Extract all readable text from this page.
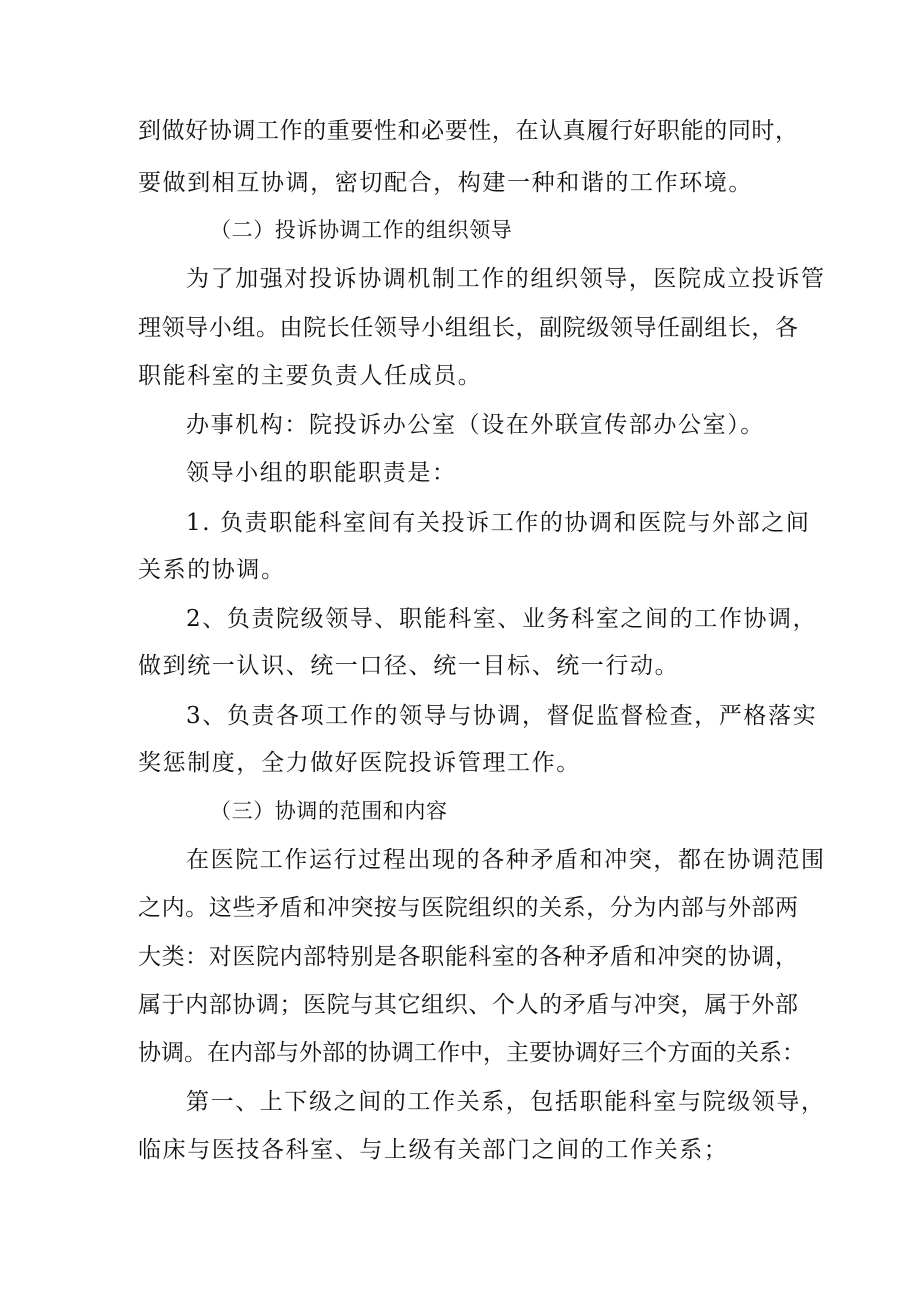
到做好协调工作的重要性和必要性，在认真履行好职能的同时，
要做到相互协调，密切配合，构建一种和谐的工作环境。
（二）投诉协调工作的组织领导
为了加强对投诉协调机制工作的组织领导，医院成立投诉管
理领导小组。由院长任领导小组组长，副院级领导任副组长，各
职能科室的主要负责人任成员。
办事机构：院投诉办公室（设在外联宣传部办公室）。
领导小组的职能职责是：
1. 负责职能科室间有关投诉工作的协调和医院与外部之间
关系的协调。
2、负责院级领导、职能科室、业务科室之间的工作协调，
做到统一认识、统一口径、统一目标、统一行动。
3、负责各项工作的领导与协调，督促监督检查，严格落实
奖惩制度，全力做好医院投诉管理工作。
（三）协调的范围和内容
在医院工作运行过程出现的各种矛盾和冲突，都在协调范围
之内。这些矛盾和冲突按与医院组织的关系，分为内部与外部两
大类：对医院内部特别是各职能科室的各种矛盾和冲突的协调，
属于内部协调；医院与其它组织、个人的矛盾与冲突，属于外部
协调。在内部与外部的协调工作中，主要协调好三个方面的关系：
第一、上下级之间的工作关系，包括职能科室与院级领导，
临床与医技各科室、与上级有关部门之间的工作关系；
